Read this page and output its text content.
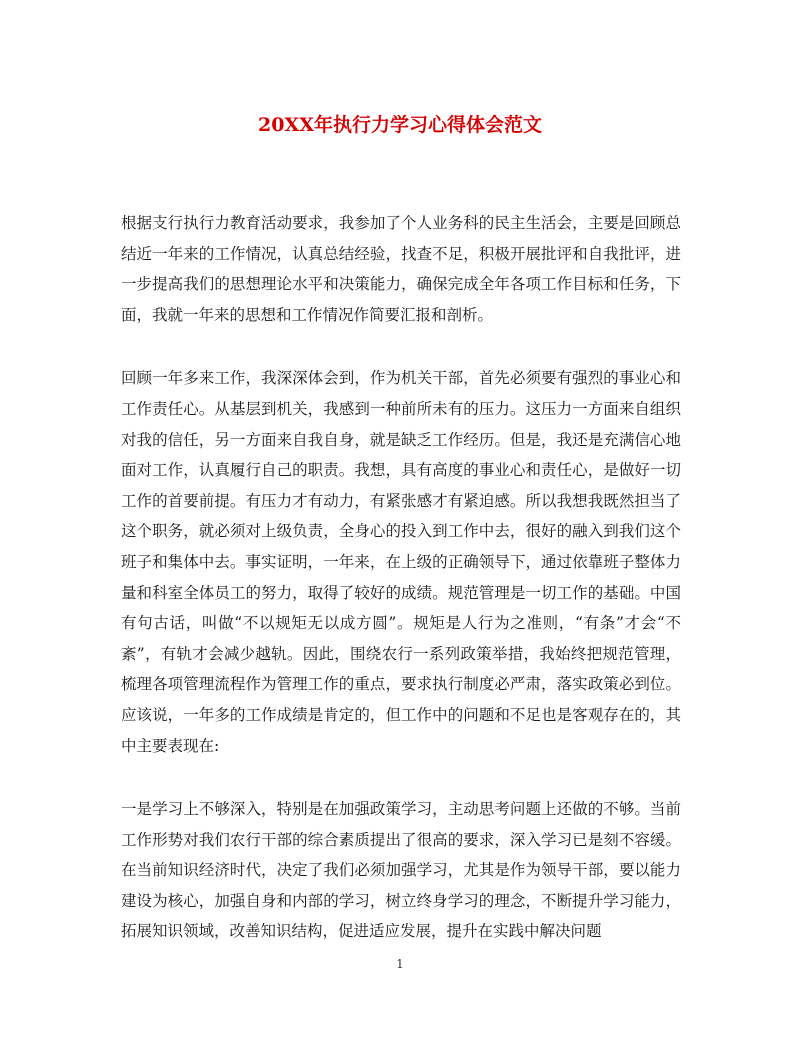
20XX年执行力学习心得体会范文

根据支行执行力教育活动要求，我参加了个人业务科的民主生活会，主要是回顾总结近一年来的工作情况，认真总结经验，找查不足，积极开展批评和自我批评，进一步提高我们的思想理论水平和决策能力，确保完成全年各项工作目标和任务，下面，我就一年来的思想和工作情况作简要汇报和剖析。

回顾一年多来工作，我深深体会到，作为机关干部，首先必须要有强烈的事业心和工作责任心。从基层到机关，我感到一种前所未有的压力。这压力一方面来自组织对我的信任，另一方面来自我自身，就是缺乏工作经历。但是，我还是充满信心地面对工作，认真履行自己的职责。我想，具有高度的事业心和责任心，是做好一切工作的首要前提。有压力才有动力，有紧张感才有紧迫感。所以我想我既然担当了这个职务，就必须对上级负责，全身心的投入到工作中去，很好的融入到我们这个班子和集体中去。事实证明，一年来，在上级的正确领导下，通过依靠班子整体力量和科室全体员工的努力，取得了较好的成绩。规范管理是一切工作的基础。中国有句古话，叫做“不以规矩无以成方圆”。规矩是人行为之准则，“有条”才会“不紊”，有轨才会减少越轨。因此，围绕农行一系列政策举措，我始终把规范管理，梳理各项管理流程作为管理工作的重点，要求执行制度必严肃，落实政策必到位。应该说，一年多的工作成绩是肯定的，但工作中的问题和不足也是客观存在的，其中主要表现在:

一是学习上不够深入，特别是在加强政策学习，主动思考问题上还做的不够。当前工作形势对我们农行干部的综合素质提出了很高的要求，深入学习已是刻不容缓。在当前知识经济时代，决定了我们必须加强学习，尤其是作为领导干部，要以能力建设为核心，加强自身和内部的学习，树立终身学习的理念，不断提升学习能力，拓展知识领域，改善知识结构，促进适应发展，提升在实践中解决问题

1
